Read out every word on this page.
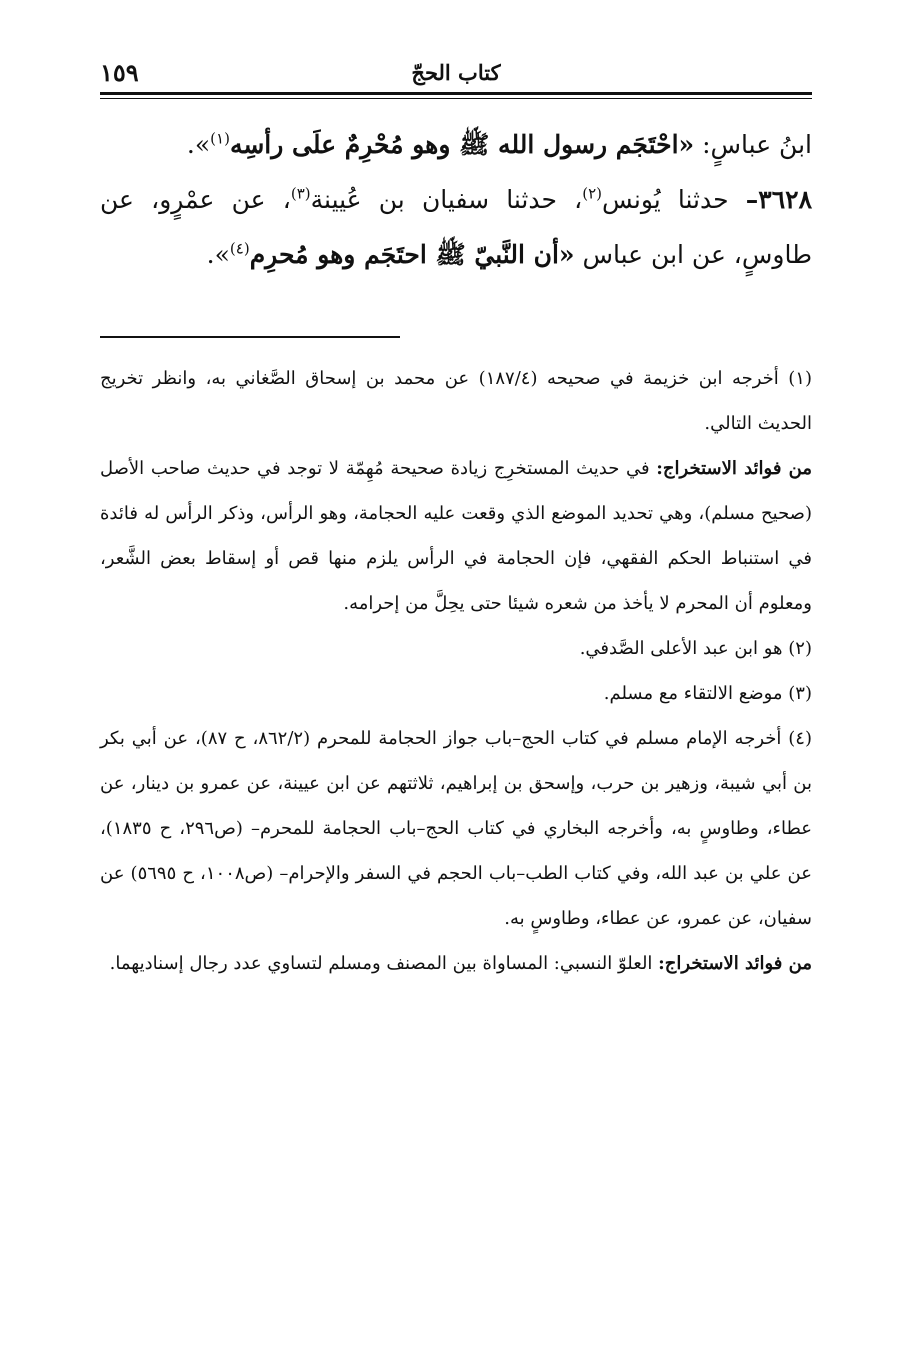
كتاب الحجّ
١٥٩

ابنُ عباسٍ: «احْتَجَم رسول الله ﷺ وهو مُحْرِمٌ علَى رأسِه$^{(١)}$».

٣٦٢٨– حدثنا يُونس$^{(٢)}$، حدثنا سفيان بن عُيينة$^{(٣)}$، عن عمْرٍو، عن طاوسٍ، عن ابن عباس «أن النَّبيّ ﷺ احتَجَم وهو مُحرِم$^{(٤)}$».

(١) أخرجه ابن خزيمة في صحيحه (١٨٧/٤) عن محمد بن إسحاق الصَّغاني به، وانظر تخريج الحديث التالي.

من فوائد الاستخراج: في حديث المستخرِج زيادة صحيحة مُهِمّة لا توجد في حديث صاحب الأصل (صحيح مسلم)، وهي تحديد الموضع الذي وقعت عليه الحجامة، وهو الرأس، وذكر الرأس له فائدة في استنباط الحكم الفقهي، فإن الحجامة في الرأس يلزم منها قص أو إسقاط بعض الشَّعر، ومعلوم أن المحرم لا يأخذ من شعره شيئا حتى يحِلَّ من إحرامه.

(٢) هو ابن عبد الأعلى الصَّدفي.

(٣) موضع الالتقاء مع مسلم.

(٤) أخرجه الإمام مسلم في كتاب الحج–باب جواز الحجامة للمحرم (٨٦٢/٢، ح ٨٧)، عن أبي بكر بن أبي شيبة، وزهير بن حرب، وإسحق بن إبراهيم، ثلاثتهم عن ابن عيينة، عن عمرو بن دينار، عن عطاء، وطاوسٍ به، وأخرجه البخاري في كتاب الحج–باب الحجامة للمحرم– (ص٢٩٦، ح ١٨٣٥)، عن علي بن عبد الله، وفي كتاب الطب–باب الحجم في السفر والإحرام– (ص١٠٠٨، ح ٥٦٩٥) عن سفيان، عن عمرو، عن عطاء، وطاوسٍ به.

من فوائد الاستخراج: العلوّ النسبي: المساواة بين المصنف ومسلم لتساوي عدد رجال إسناديهما.
